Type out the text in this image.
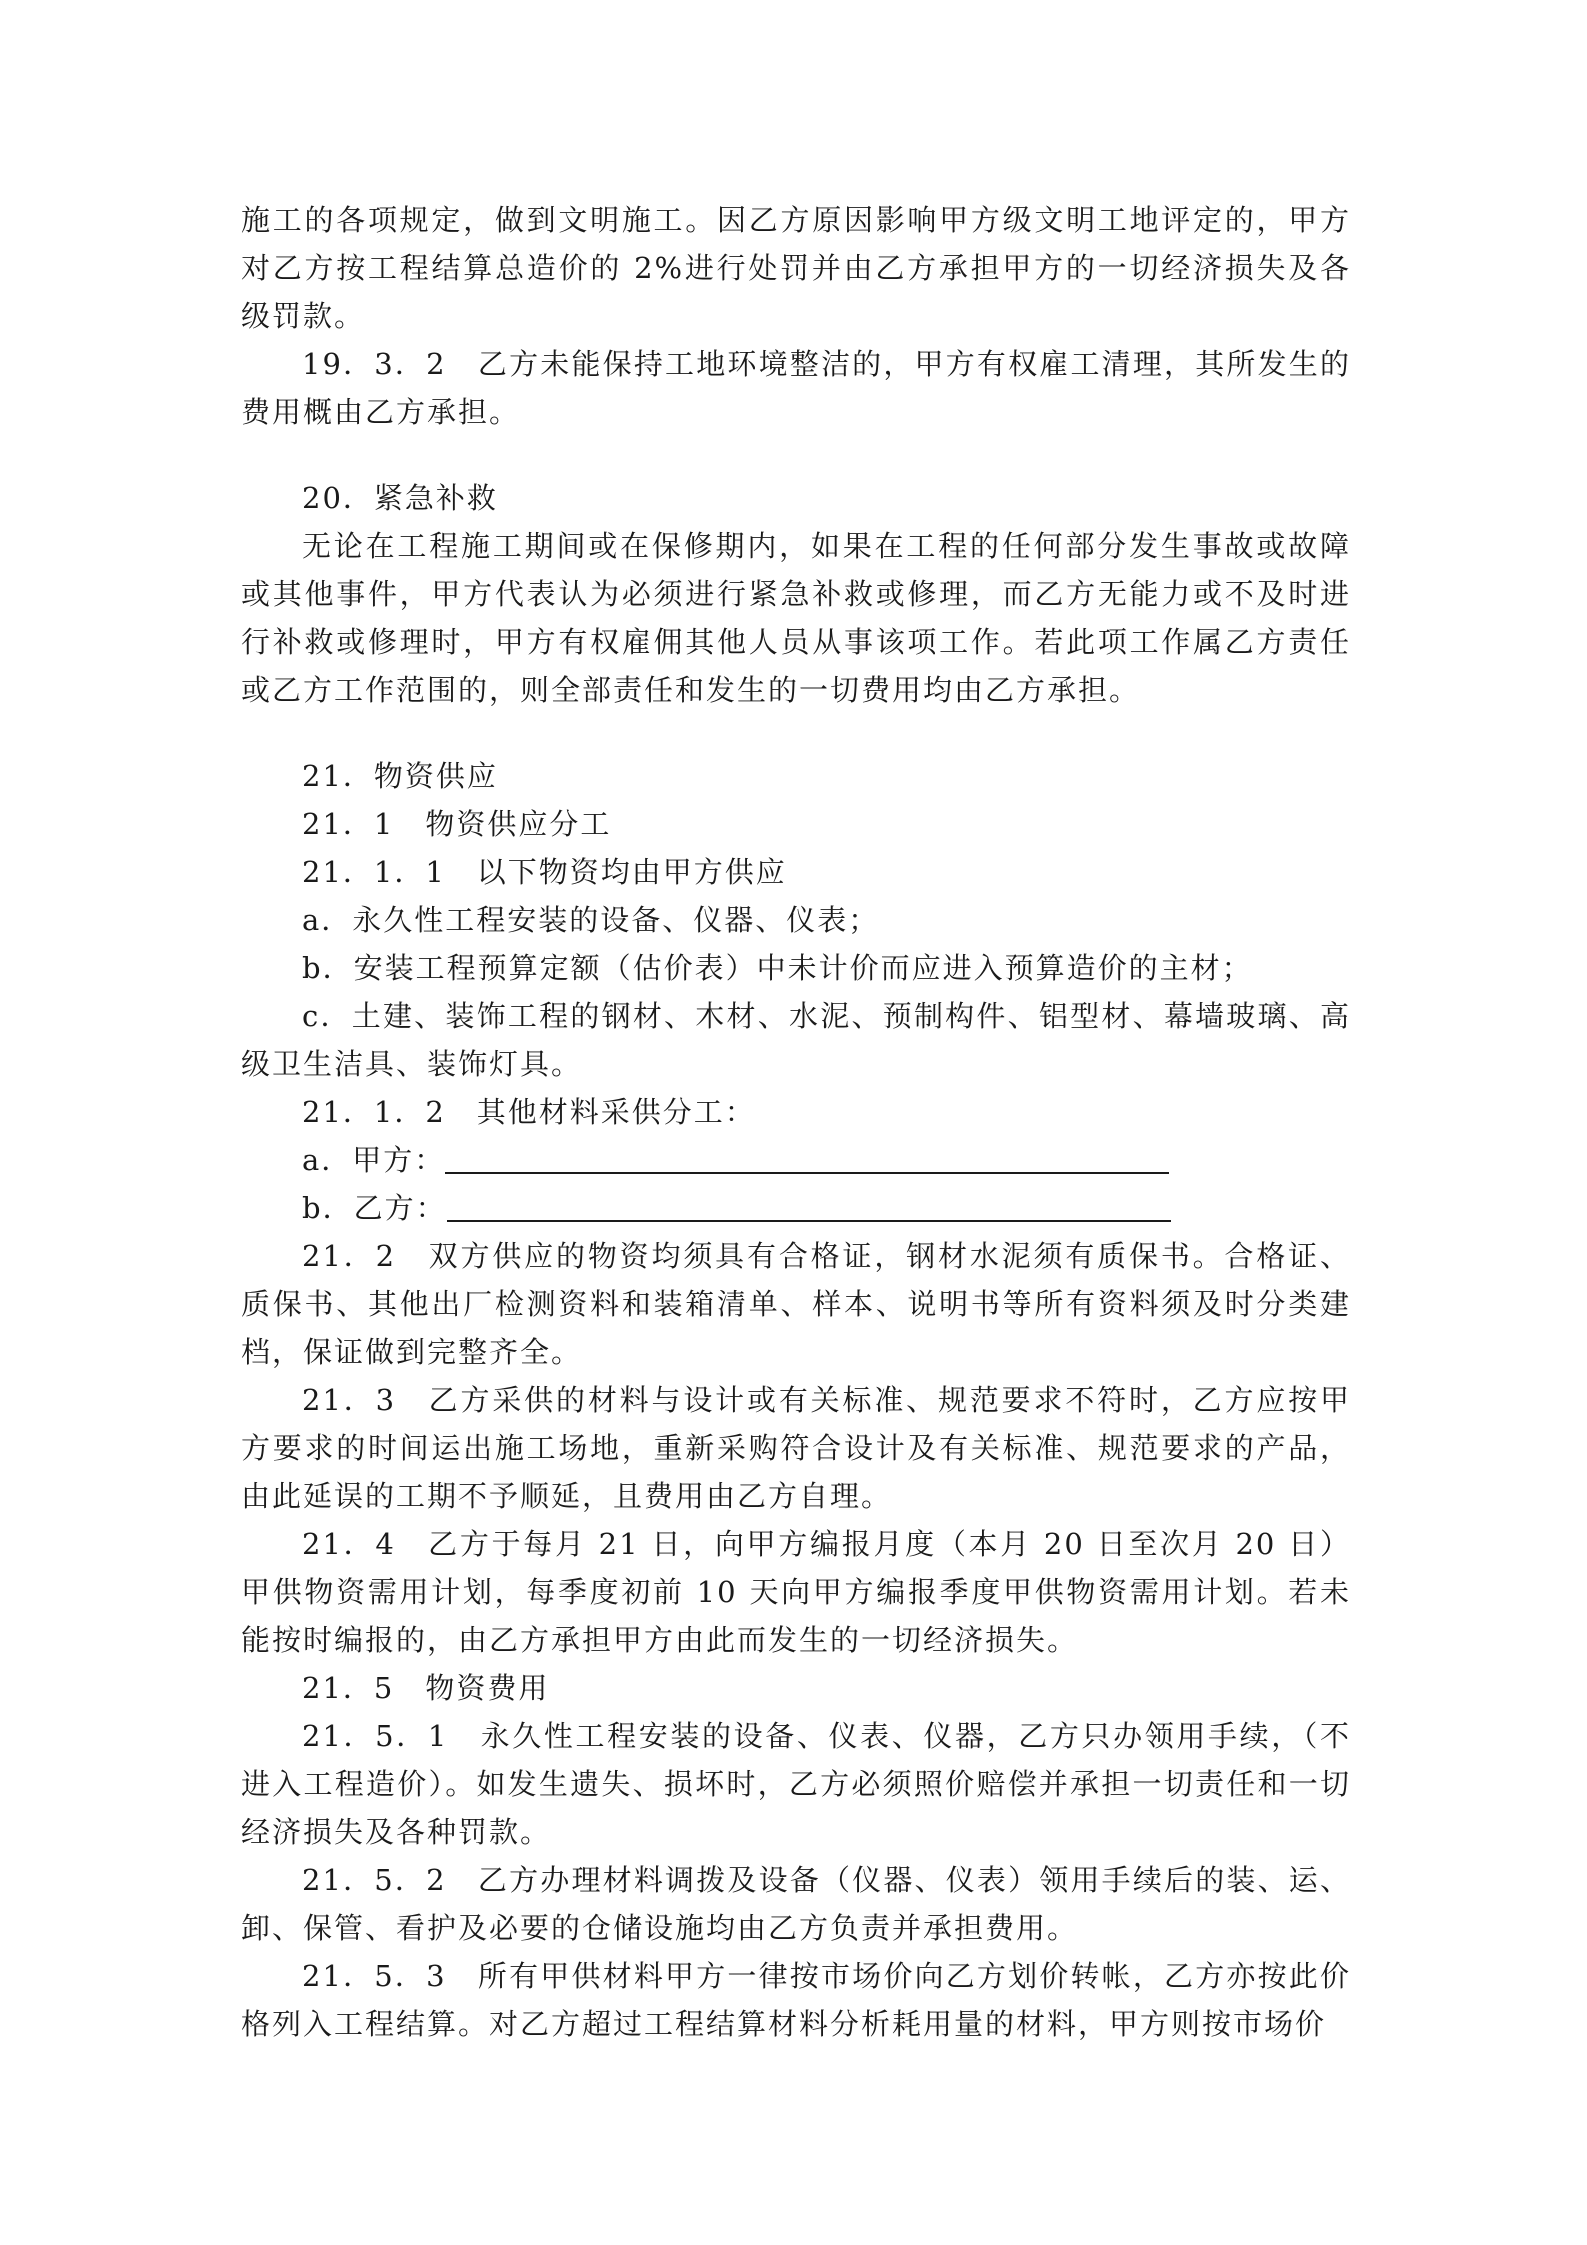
施工的各项规定，做到文明施工。因乙方原因影响甲方级文明工地评定的，甲方对乙方按工程结算总造价的 2%进行处罚并由乙方承担甲方的一切经济损失及各级罚款。

19．3．2　乙方未能保持工地环境整洁的，甲方有权雇工清理，其所发生的费用概由乙方承担。

20．紧急补救

无论在工程施工期间或在保修期内，如果在工程的任何部分发生事故或故障或其他事件，甲方代表认为必须进行紧急补救或修理，而乙方无能力或不及时进行补救或修理时，甲方有权雇佣其他人员从事该项工作。若此项工作属乙方责任或乙方工作范围的，则全部责任和发生的一切费用均由乙方承担。

21．物资供应

21．1　物资供应分工

21．1．1　以下物资均由甲方供应

a．永久性工程安装的设备、仪器、仪表；

b．安装工程预算定额（估价表）中未计价而应进入预算造价的主材；

c．土建、装饰工程的钢材、木材、水泥、预制构件、铝型材、幕墙玻璃、高级卫生洁具、装饰灯具。

21．1．2　其他材料采供分工：

a．甲方：

b．乙方：

21．2　双方供应的物资均须具有合格证，钢材水泥须有质保书。合格证、质保书、其他出厂检测资料和装箱清单、样本、说明书等所有资料须及时分类建档，保证做到完整齐全。

21．3　乙方采供的材料与设计或有关标准、规范要求不符时，乙方应按甲方要求的时间运出施工场地，重新采购符合设计及有关标准、规范要求的产品，由此延误的工期不予顺延，且费用由乙方自理。

21．4　乙方于每月 21 日，向甲方编报月度（本月 20 日至次月 20 日）甲供物资需用计划，每季度初前 10 天向甲方编报季度甲供物资需用计划。若未能按时编报的，由乙方承担甲方由此而发生的一切经济损失。

21．5　物资费用

21．5．1　永久性工程安装的设备、仪表、仪器，乙方只办领用手续，（不进入工程造价）。如发生遗失、损坏时，乙方必须照价赔偿并承担一切责任和一切经济损失及各种罚款。

21．5．2　乙方办理材料调拨及设备（仪器、仪表）领用手续后的装、运、卸、保管、看护及必要的仓储设施均由乙方负责并承担费用。

21．5．3　所有甲供材料甲方一律按市场价向乙方划价转帐，乙方亦按此价格列入工程结算。对乙方超过工程结算材料分析耗用量的材料，甲方则按市场价
